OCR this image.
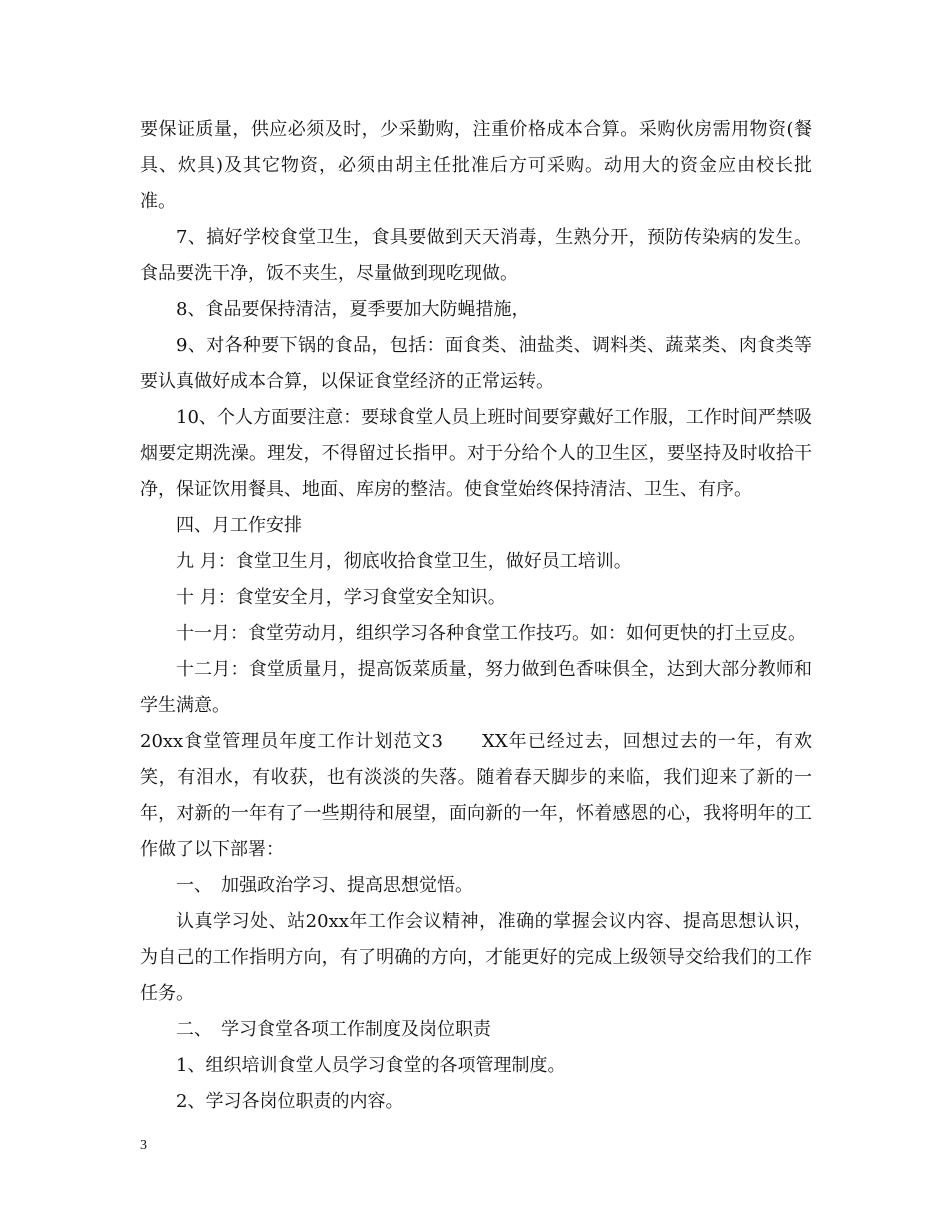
要保证质量，供应必须及时，少采勤购，注重价格成本合算。采购伙房需用物资(餐具、炊具)及其它物资，必须由胡主任批准后方可采购。动用大的资金应由校长批准。

7、搞好学校食堂卫生，食具要做到天天消毒，生熟分开，预防传染病的发生。食品要洗干净，饭不夹生，尽量做到现吃现做。

8、食品要保持清洁，夏季要加大防蝇措施，

9、对各种要下锅的食品，包括：面食类、油盐类、调料类、蔬菜类、肉食类等要认真做好成本合算，以保证食堂经济的正常运转。

10、个人方面要注意：要球食堂人员上班时间要穿戴好工作服，工作时间严禁吸烟要定期洗澡。理发，不得留过长指甲。对于分给个人的卫生区，要坚持及时收拾干净，保证饮用餐具、地面、库房的整洁。使食堂始终保持清洁、卫生、有序。

四、月工作安排

九 月：食堂卫生月，彻底收拾食堂卫生，做好员工培训。

十 月：食堂安全月，学习食堂安全知识。

十一月：食堂劳动月，组织学习各种食堂工作技巧。如：如何更快的打土豆皮。

十二月：食堂质量月，提高饭菜质量，努力做到色香味俱全，达到大部分教师和学生满意。

20xx食堂管理员年度工作计划范文3　　XX年已经过去，回想过去的一年，有欢笑，有泪水，有收获，也有淡淡的失落。随着春天脚步的来临，我们迎来了新的一年，对新的一年有了一些期待和展望，面向新的一年，怀着感恩的心，我将明年的工作做了以下部署：

一、　加强政治学习、提高思想觉悟。

认真学习处、站20xx年工作会议精神，准确的掌握会议内容、提高思想认识，为自己的工作指明方向，有了明确的方向，才能更好的完成上级领导交给我们的工作任务。

二、　学习食堂各项工作制度及岗位职责

1、组织培训食堂人员学习食堂的各项管理制度。

2、学习各岗位职责的内容。

3
